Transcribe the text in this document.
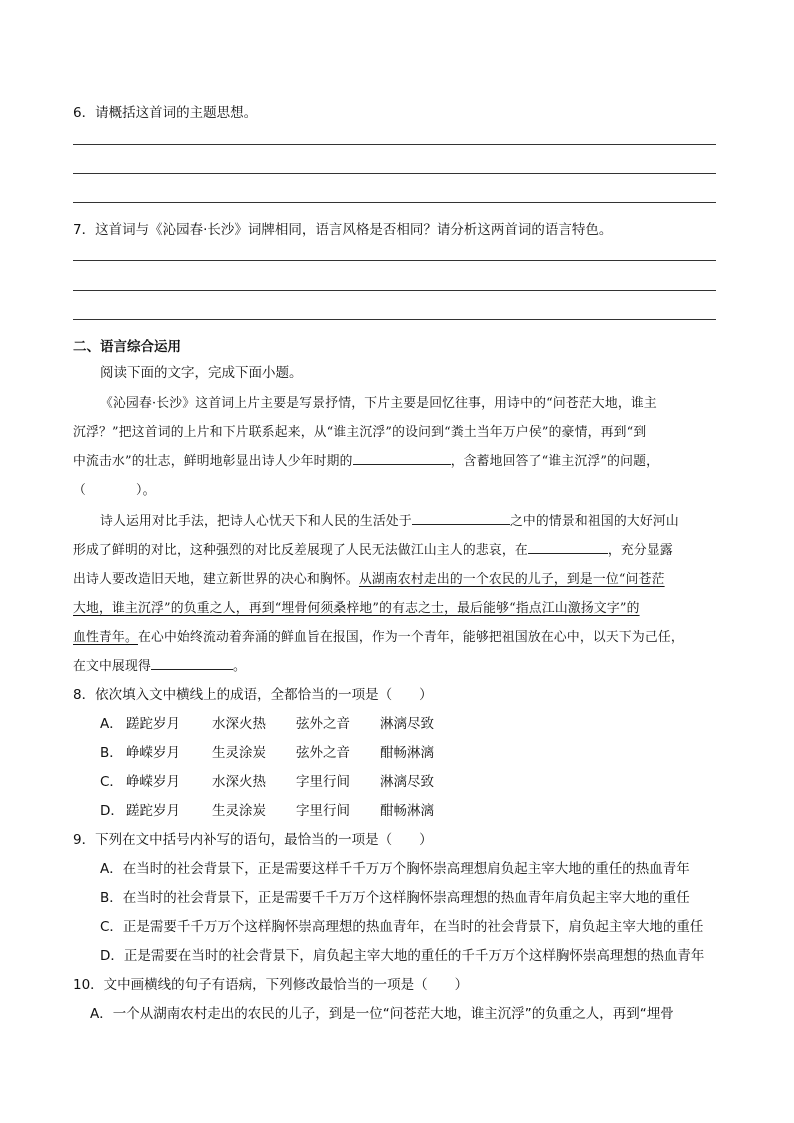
6．请概括这首词的主题思想。
7．这首词与《沁园春·长沙》词牌相同，语言风格是否相同？请分析这两首词的语言特色。
二、语言综合运用
阅读下面的文字，完成下面小题。
《沁园春·长沙》这首词上片主要是写景抒情，下片主要是回忆往事，用诗中的“问苍茫大地，谁主
沉浮？”把这首词的上片和下片联系起来，从“谁主沉浮”的设问到“粪土当年万户侯”的豪情，再到“到
中流击水”的壮志，鲜明地彰显出诗人少年时期的	，含蓄地回答了“谁主沉浮”的问题，
（	）。
诗人运用对比手法，把诗人心忧天下和人民的生活处于	之中的情景和祖国的大好河山
形成了鲜明的对比，这种强烈的对比反差展现了人民无法做江山主人的悲哀，在	，充分显露
出诗人要改造旧天地，建立新世界的决心和胸怀。从湖南农村走出的一个农民的儿子，到是一位“问苍茫
大地，谁主沉浮”的负重之人，再到“埋骨何须桑梓地”的有志之士，最后能够“指点江山激扬文字”的
血性青年。在心中始终流动着奔涌的鲜血旨在报国，作为一个青年，能够把祖国放在心中，以天下为己任，
在文中展现得	。
8．依次填入文中横线上的成语，全都恰当的一项是（　　）
A． 蹉跎岁月 水深火热 弦外之音 淋漓尽致
B． 峥嵘岁月 生灵涂炭 弦外之音 酣畅淋漓
C． 峥嵘岁月 水深火热 字里行间 淋漓尽致
D． 蹉跎岁月 生灵涂炭 字里行间 酣畅淋漓
9．下列在文中括号内补写的语句，最恰当的一项是（　　）
A．在当时的社会背景下，正是需要这样千千万万个胸怀崇高理想肩负起主宰大地的重任的热血青年
B．在当时的社会背景下，正是需要千千万万个这样胸怀崇高理想的热血青年肩负起主宰大地的重任
C．正是需要千千万万个这样胸怀崇高理想的热血青年，在当时的社会背景下，肩负起主宰大地的重任
D．正是需要在当时的社会背景下，肩负起主宰大地的重任的千千万万个这样胸怀崇高理想的热血青年
10．文中画横线的句子有语病，下列修改最恰当的一项是（　　）
A．一个从湖南农村走出的农民的儿子，到是一位“问苍茫大地，谁主沉浮”的负重之人，再到“埋骨
